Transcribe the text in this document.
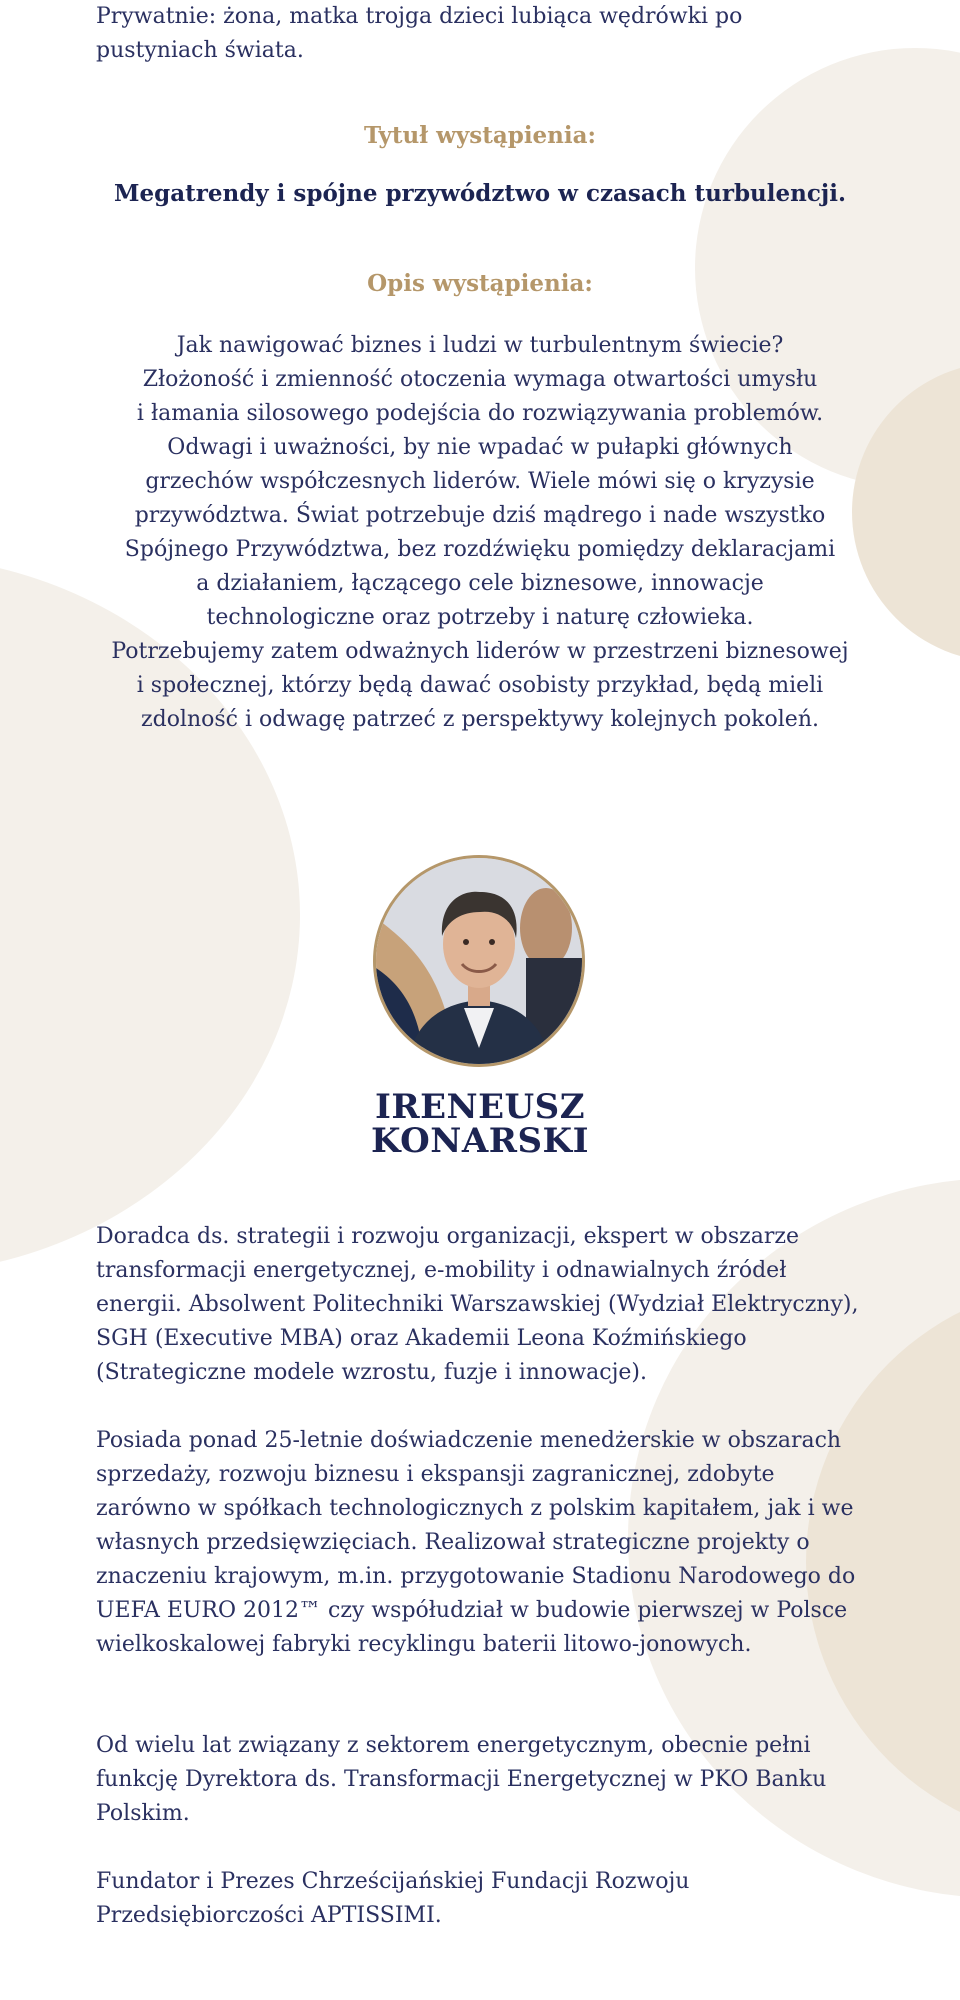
Prywatnie: żona, matka trojga dzieci lubiąca wędrówki po pustyniach świata.

Tytuł wystąpienia:

Megatrendy i spójne przywództwo w czasach turbulencji.

Opis wystąpienia:

Jak nawigować biznes i ludzi w turbulentnym świecie?
Złożoność i zmienność otoczenia wymaga otwartości umysłu
i łamania silosowego podejścia do rozwiązywania problemów.
Odwagi i uważności, by nie wpadać w pułapki głównych
grzechów współczesnych liderów. Wiele mówi się o kryzysie
przywództwa. Świat potrzebuje dziś mądrego i nade wszystko
Spójnego Przywództwa, bez rozdźwięku pomiędzy deklaracjami
a działaniem, łączącego cele biznesowe, innowacje
technologiczne oraz potrzeby i naturę człowieka.
Potrzebujemy zatem odważnych liderów w przestrzeni biznesowej
i społecznej, którzy będą dawać osobisty przykład, będą mieli
zdolność i odwagę patrzeć z perspektywy kolejnych pokoleń.
IRENEUSZ
KONARSKI

Doradca ds. strategii i rozwoju organizacji, ekspert w obszarze transformacji energetycznej, e-mobility i odnawialnych źródeł energii. Absolwent Politechniki Warszawskiej (Wydział Elektryczny), SGH (Executive MBA) oraz Akademii Leona Koźmińskiego (Strategiczne modele wzrostu, fuzje i innowacje).

Posiada ponad 25-letnie doświadczenie menedżerskie w obszarach sprzedaży, rozwoju biznesu i ekspansji zagranicznej, zdobyte zarówno w spółkach technologicznych z polskim kapitałem, jak i we własnych przedsięwzięciach. Realizował strategiczne projekty o znaczeniu krajowym, m.in. przygotowanie Stadionu Narodowego do UEFA EURO 2012™ czy współudział w budowie pierwszej w Polsce wielkoskalowej fabryki recyklingu baterii litowo-jonowych.

Od wielu lat związany z sektorem energetycznym, obecnie pełni funkcję Dyrektora ds. Transformacji Energetycznej w PKO Banku Polskim.

Fundator i Prezes Chrześcijańskiej Fundacji Rozwoju Przedsiębiorczości APTISSIMI.
